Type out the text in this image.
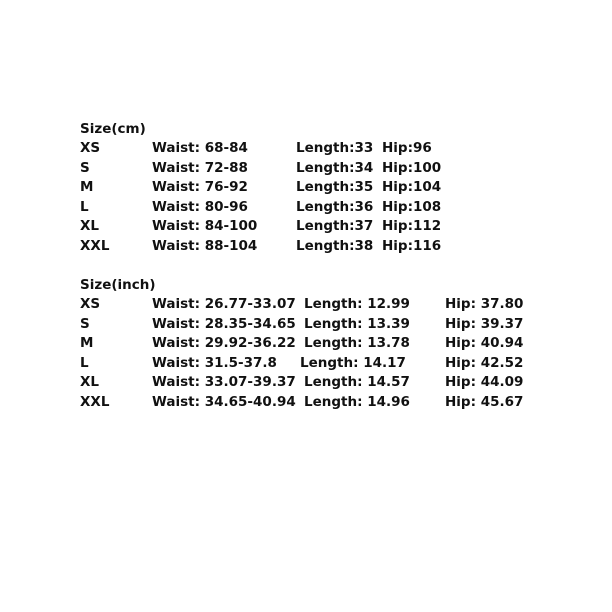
Size(cm)
XS	Waist: 68-84	Length:33 Hip:96
S	Waist: 72-88	Length:34 Hip:100
M	Waist: 76-92	Length:35 Hip:104
L	Waist: 80-96	Length:36 Hip:108
XL	Waist: 84-100	Length:37 Hip:112
XXL	Waist: 88-104	Length:38 Hip:116
Size(inch)
XS	Waist: 26.77-33.07 Length: 12.99	Hip: 37.80
S	Waist: 28.35-34.65 Length: 13.39	Hip: 39.37
M	Waist: 29.92-36.22 Length: 13.78	Hip: 40.94
L	Waist: 31.5-37.8 Length: 14.17	Hip: 42.52
XL	Waist: 33.07-39.37 Length: 14.57	Hip: 44.09
XXL	Waist: 34.65-40.94 Length: 14.96	Hip: 45.67
